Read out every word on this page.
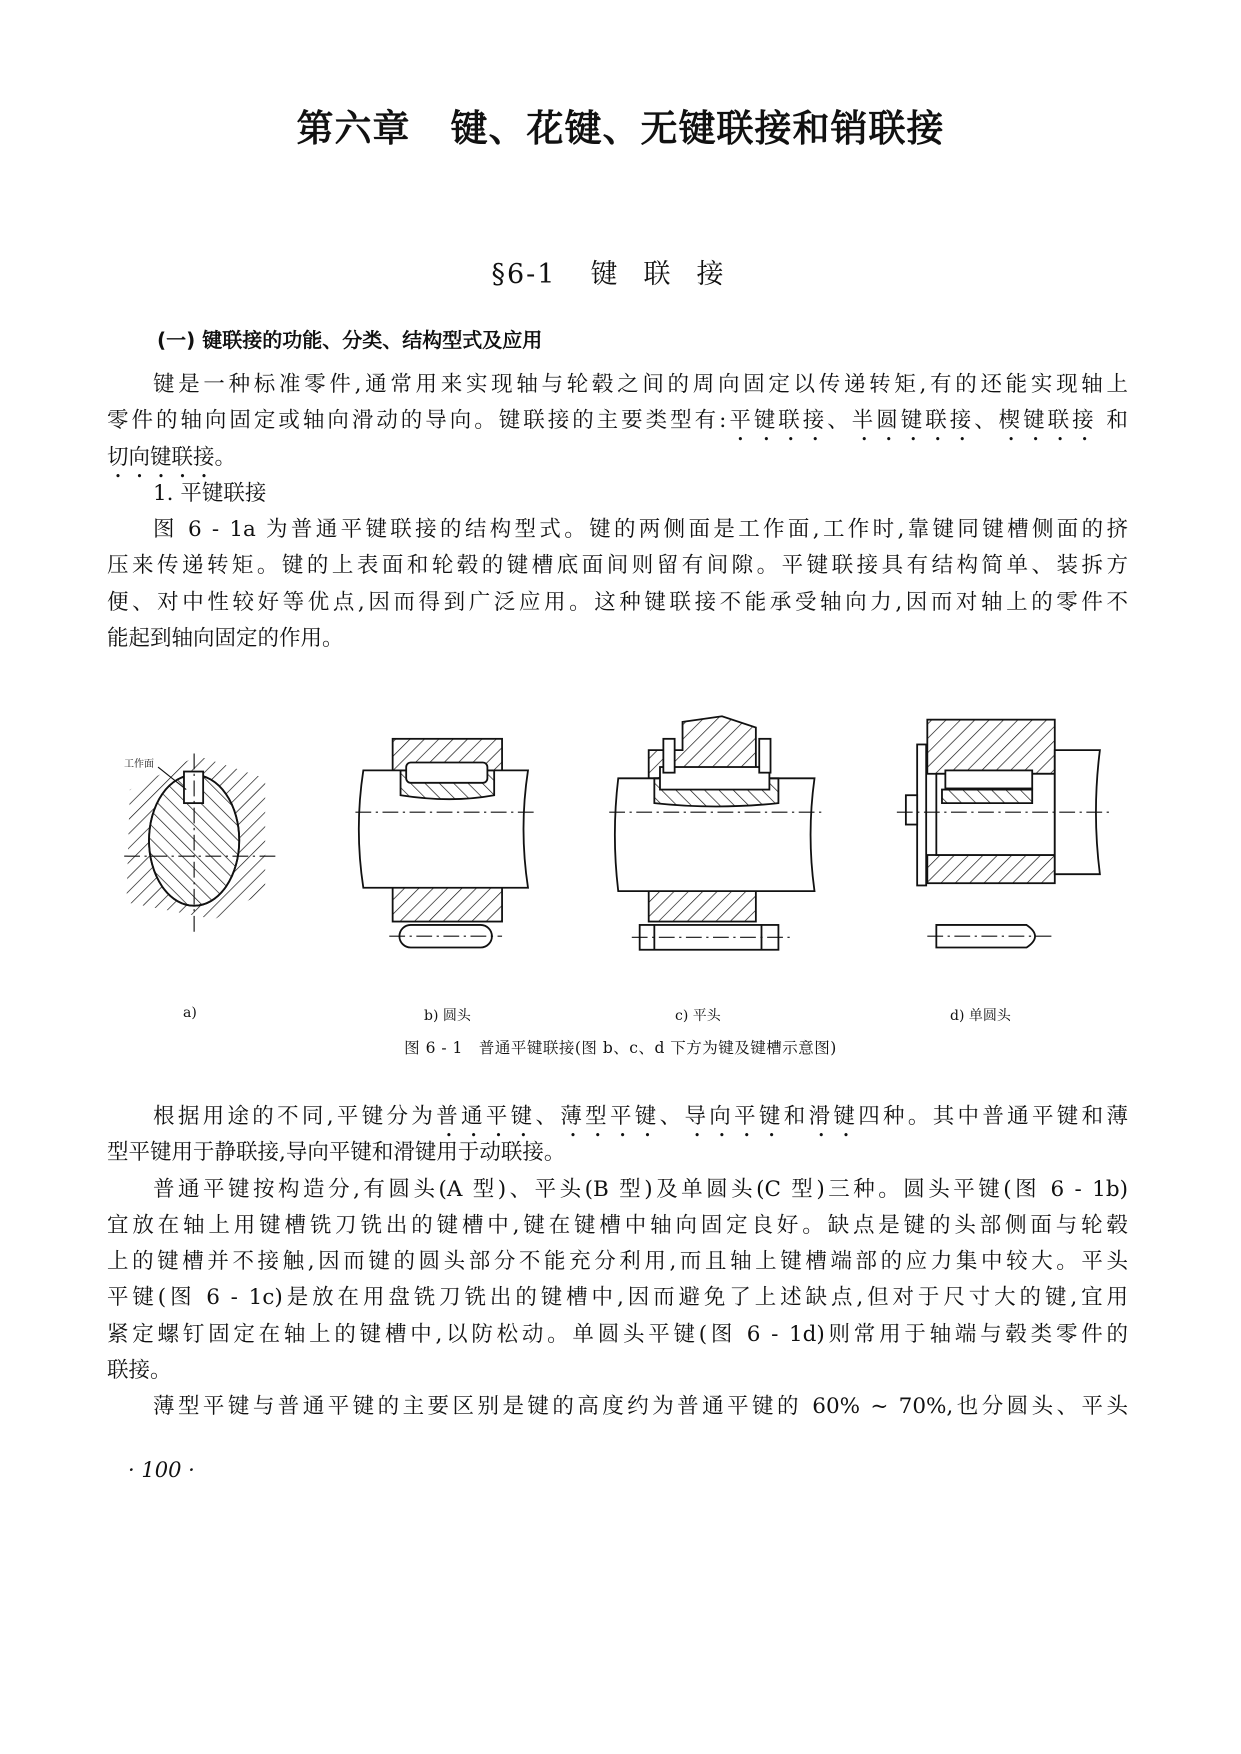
第六章 键、花键、无键联接和销联接
§6-1 键联接
(一) 键联接的功能、分类、结构型式及应用
键是一种标准零件,通常用来实现轴与轮毂之间的周向固定以传递转矩,有的还能实现轴上
零件的轴向固定或轴向滑动的导向。键联接的主要类型有:平键联接、半圆键联接、楔键联接 和
切向键联接。
1. 平键联接
图 6 - 1a 为普通平键联接的结构型式。键的两侧面是工作面,工作时,靠键同键槽侧面的挤
压来传递转矩。键的上表面和轮毂的键槽底面间则留有间隙。平键联接具有结构简单、装拆方
便、对中性较好等优点,因而得到广泛应用。这种键联接不能承受轴向力,因而对轴上的零件不
能起到轴向固定的作用。
工作面
a)	b) 圆头	c) 平头	d) 单圆头
图 6 - 1　普通平键联接(图 b、c、d 下方为键及键槽示意图)
根据用途的不同,平键分为普通平键、薄型平键、导向平键和滑键四种。其中普通平键和薄
型平键用于静联接,导向平键和滑键用于动联接。
普通平键按构造分,有圆头(A 型)、平头(B 型)及单圆头(C 型)三种。圆头平键(图 6 - 1b)
宜放在轴上用键槽铣刀铣出的键槽中,键在键槽中轴向固定良好。缺点是键的头部侧面与轮毂
上的键槽并不接触,因而键的圆头部分不能充分利用,而且轴上键槽端部的应力集中较大。平头
平键(图 6 - 1c)是放在用盘铣刀铣出的键槽中,因而避免了上述缺点,但对于尺寸大的键,宜用
紧定螺钉固定在轴上的键槽中,以防松动。单圆头平键(图 6 - 1d)则常用于轴端与毂类零件的
联接。
薄型平键与普通平键的主要区别是键的高度约为普通平键的 60% ~ 70%,也分圆头、平头
· 100 ·
